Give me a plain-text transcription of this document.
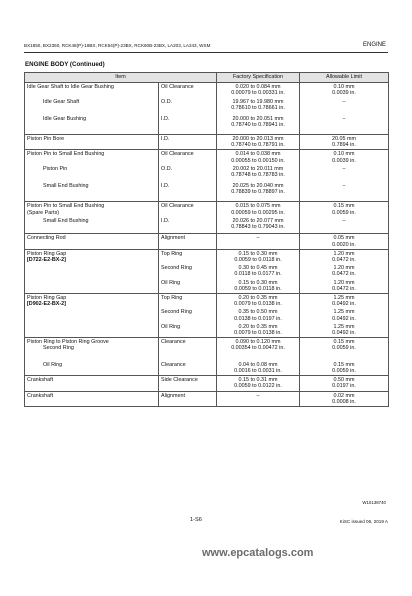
BX1850, BX2350, RCK48(P)-18BX, RCK54(P)-23BX, RCK60B-23BX, LA203, LA243, WSM	ENGINE
ENGINE BODY (Continued)
Item		Factory Specification	Allowable Limit

Idle Gear Shaft to Idle Gear Bushing	Oil Clearance	0.020 to 0.084 mm
0.00079 to 0.00331 in.	0.10 mm
0.0039 in.

Idle Gear Shaft	O.D.	19.967 to 19.980 mm
0.78610 to 0.78661 in.	–

Idle Gear Bushing	I.D.	20.000 to 20.051 mm
0.78740 to 0.78941 in.	–

Piston Pin Bore	I.D.	20.000 to 20.013 mm
0.78740 to 0.78791 in.	20.05 mm
0.7894 in.

Piston Pin to Small End Bushing	Oil Clearance	0.014 to 0.038 mm
0.00055 to 0.00150 in.	0.10 mm
0.0039 in.

Piston Pin	O.D.	20.002 to 20.011 mm
0.78748 to 0.78783 in.	–

Small End Bushing	I.D.	20.025 to 20.040 mm
0.78839 to 0.78897 in.	–

Piston Pin to Small End Bushing
(Spare Parts)	Oil Clearance	0.015 to 0.075 mm
0.00059 to 0.00295 in.	0.15 mm
0.0059 in.

Small End Bushing	I.D.	20.026 to 20.077 mm
0.78843 to 0.79043 in.	–

Connecting Rod	Alignment	–	0.05 mm
0.0020 in.

Piston Ring Gap
[D722-E2-BX-2]	Top Ring	0.15 to 0.30 mm
0.0059 to 0.0118 in.	1.20 mm
0.0472 in.

	Second Ring	0.30 to 0.45 mm
0.0118 to 0.0177 in.	1.20 mm
0.0472 in.

	Oil Ring	0.15 to 0.30 mm
0.0059 to 0.0118 in.	1.20 mm
0.0472 in.

Piston Ring Gap
[D902-E2-BX-2]	Top Ring	0.20 to 0.35 mm
0.0079 to 0.0138 in.	1.25 mm
0.0492 in.

	Second Ring	0.35 to 0.50 mm
0.0138 to 0.0197 in.	1.25 mm
0.0492 in.

	Oil Ring	0.20 to 0.35 mm
0.0079 to 0.0138 in.	1.25 mm
0.0492 in.

Piston Ring to Piston Ring Groove
Second Ring	Clearance	0.090 to 0.120 mm
0.00354 to 0.00472 in.	0.15 mm
0.0059 in.

Oil Ring	Clearance	0.04 to 0.08 mm
0.0016 to 0.0031 in.	0.15 mm
0.0059 in.

Crankshaft	Side Clearance	0.15 to 0.31 mm
0.0059 to 0.0122 in.	0.50 mm
0.0197 in.

Crankshaft	Alignment	–	0.02 mm
0.0008 in.
W10138740
1-S6	KiSC issued 06, 2019 A
www.epcatalogs.com
